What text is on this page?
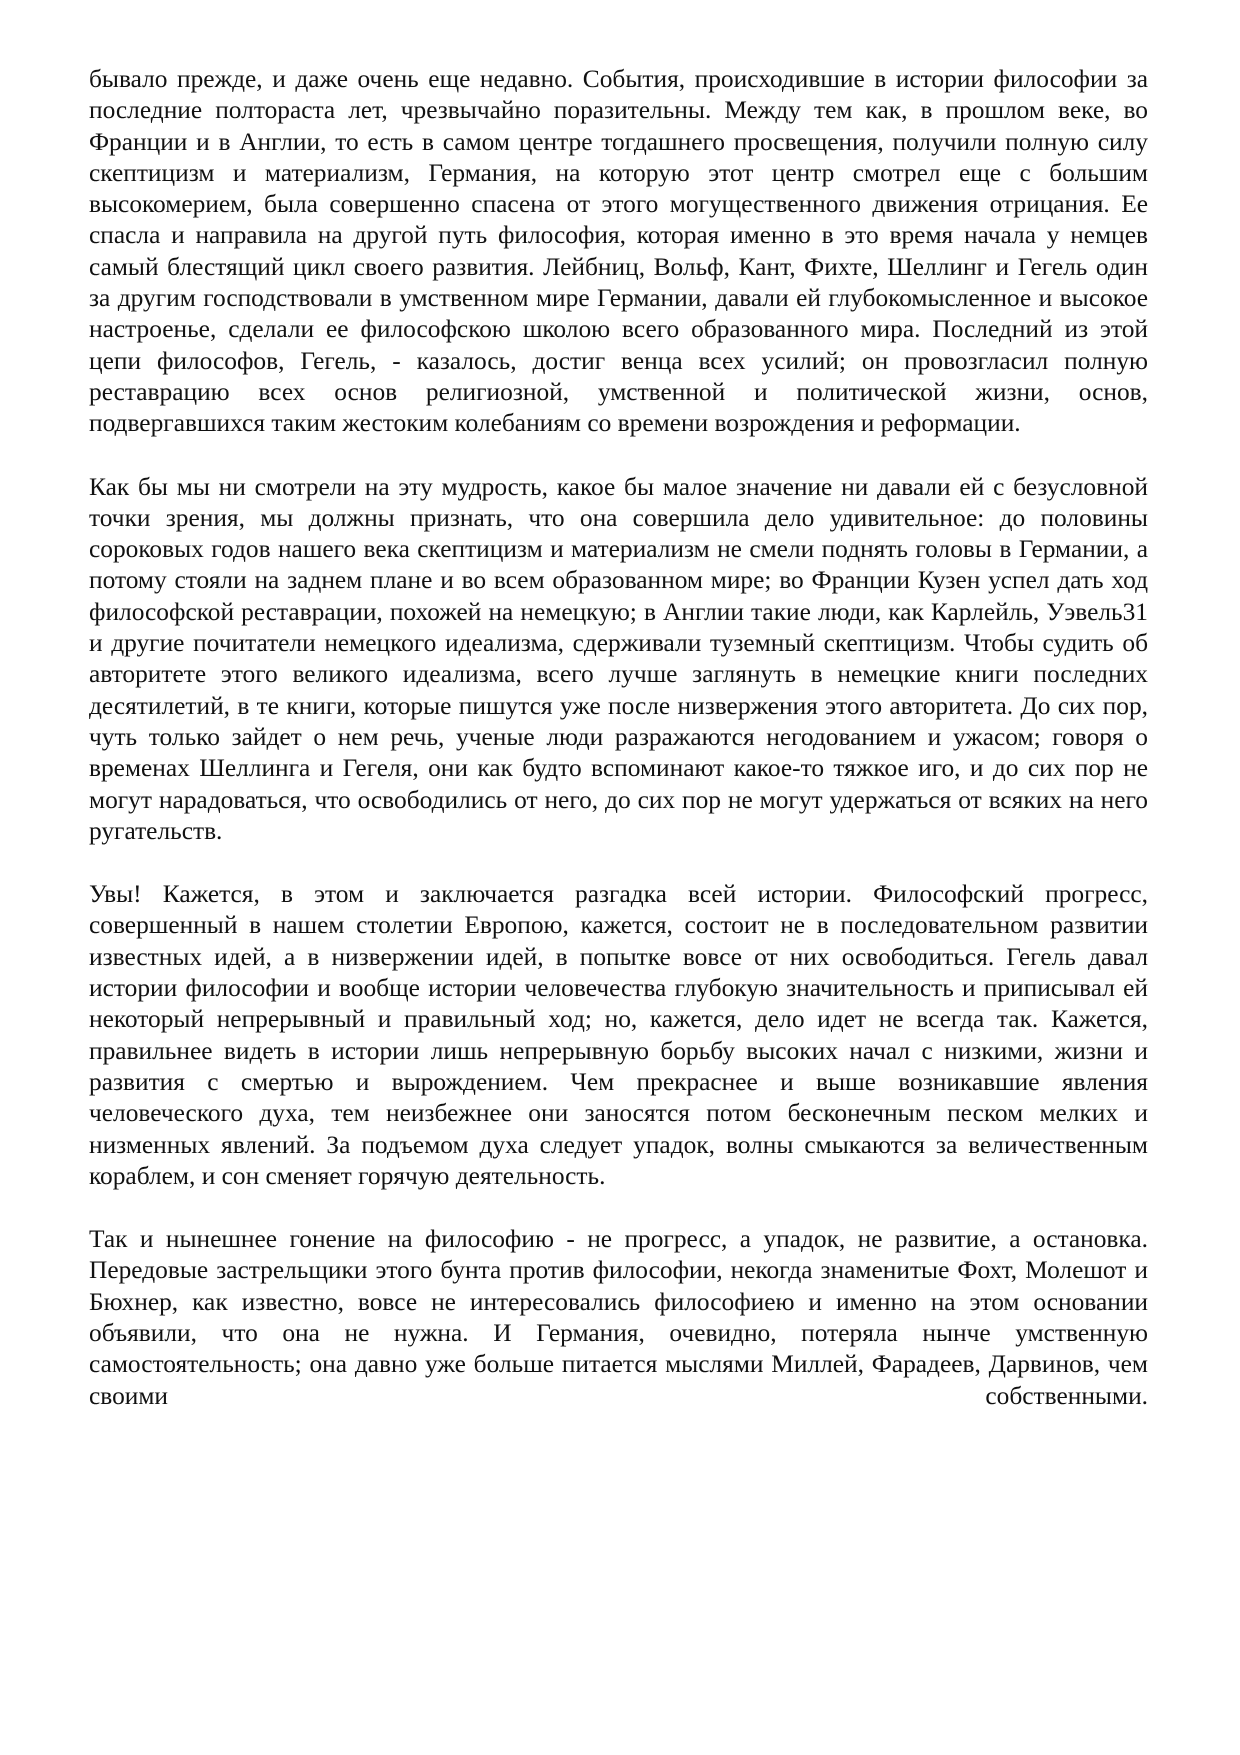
бывало прежде, и даже очень еще недавно. События, происходившие в истории философии за последние полтораста лет, чрезвычайно поразительны. Между тем как, в прошлом веке, во Франции и в Англии, то есть в самом центре тогдашнего просвещения, получили полную силу скептицизм и материализм, Германия, на которую этот центр смотрел еще с большим высокомерием, была совершенно спасена от этого могущественного движения отрицания. Ее спасла и направила на другой путь философия, которая именно в это время начала у немцев самый блестящий цикл своего развития. Лейбниц, Вольф, Кант, Фихте, Шеллинг и Гегель один за другим господствовали в умственном мире Германии, давали ей глубокомысленное и высокое настроенье, сделали ее философскою школою всего образованного мира. Последний из этой цепи философов, Гегель, - казалось, достиг венца всех усилий; он провозгласил полную реставрацию всех основ религиозной, умственной и политической жизни, основ, подвергавшихся таким жестоким колебаниям со времени возрождения и реформации.

Как бы мы ни смотрели на эту мудрость, какое бы малое значение ни давали ей с безусловной точки зрения, мы должны признать, что она совершила дело удивительное: до половины сороковых годов нашего века скептицизм и материализм не смели поднять головы в Германии, а потому стояли на заднем плане и во всем образованном мире; во Франции Кузен успел дать ход философской реставрации, похожей на немецкую; в Англии такие люди, как Карлейль, Уэвель31 и другие почитатели немецкого идеализма, сдерживали туземный скептицизм. Чтобы судить об авторитете этого великого идеализма, всего лучше заглянуть в немецкие книги последних десятилетий, в те книги, которые пишутся уже после низвержения этого авторитета. До сих пор, чуть только зайдет о нем речь, ученые люди разражаются негодованием и ужасом; говоря о временах Шеллинга и Гегеля, они как будто вспоминают какое-то тяжкое иго, и до сих пор не могут нарадоваться, что освободились от него, до сих пор не могут удержаться от всяких на него ругательств.

Увы! Кажется, в этом и заключается разгадка всей истории. Философский прогресс, совершенный в нашем столетии Европою, кажется, состоит не в последовательном развитии известных идей, а в низвержении идей, в попытке вовсе от них освободиться. Гегель давал истории философии и вообще истории человечества глубокую значительность и приписывал ей некоторый непрерывный и правильный ход; но, кажется, дело идет не всегда так. Кажется, правильнее видеть в истории лишь непрерывную борьбу высоких начал с низкими, жизни и развития с смертью и вырождением. Чем прекраснее и выше возникавшие явления человеческого духа, тем неизбежнее они заносятся потом бесконечным песком мелких и низменных явлений. За подъемом духа следует упадок, волны смыкаются за величественным кораблем, и сон сменяет горячую деятельность.

Так и нынешнее гонение на философию - не прогресс, а упадок, не развитие, а остановка. Передовые застрельщики этого бунта против философии, некогда знаменитые Фохт, Молешот и Бюхнер, как известно, вовсе не интересовались философиею и именно на этом основании объявили, что она не нужна. И Германия, очевидно, потеряла нынче умственную самостоятельность; она давно уже больше питается мыслями Миллей, Фарадеев, Дарвинов, чем своими собственными.
